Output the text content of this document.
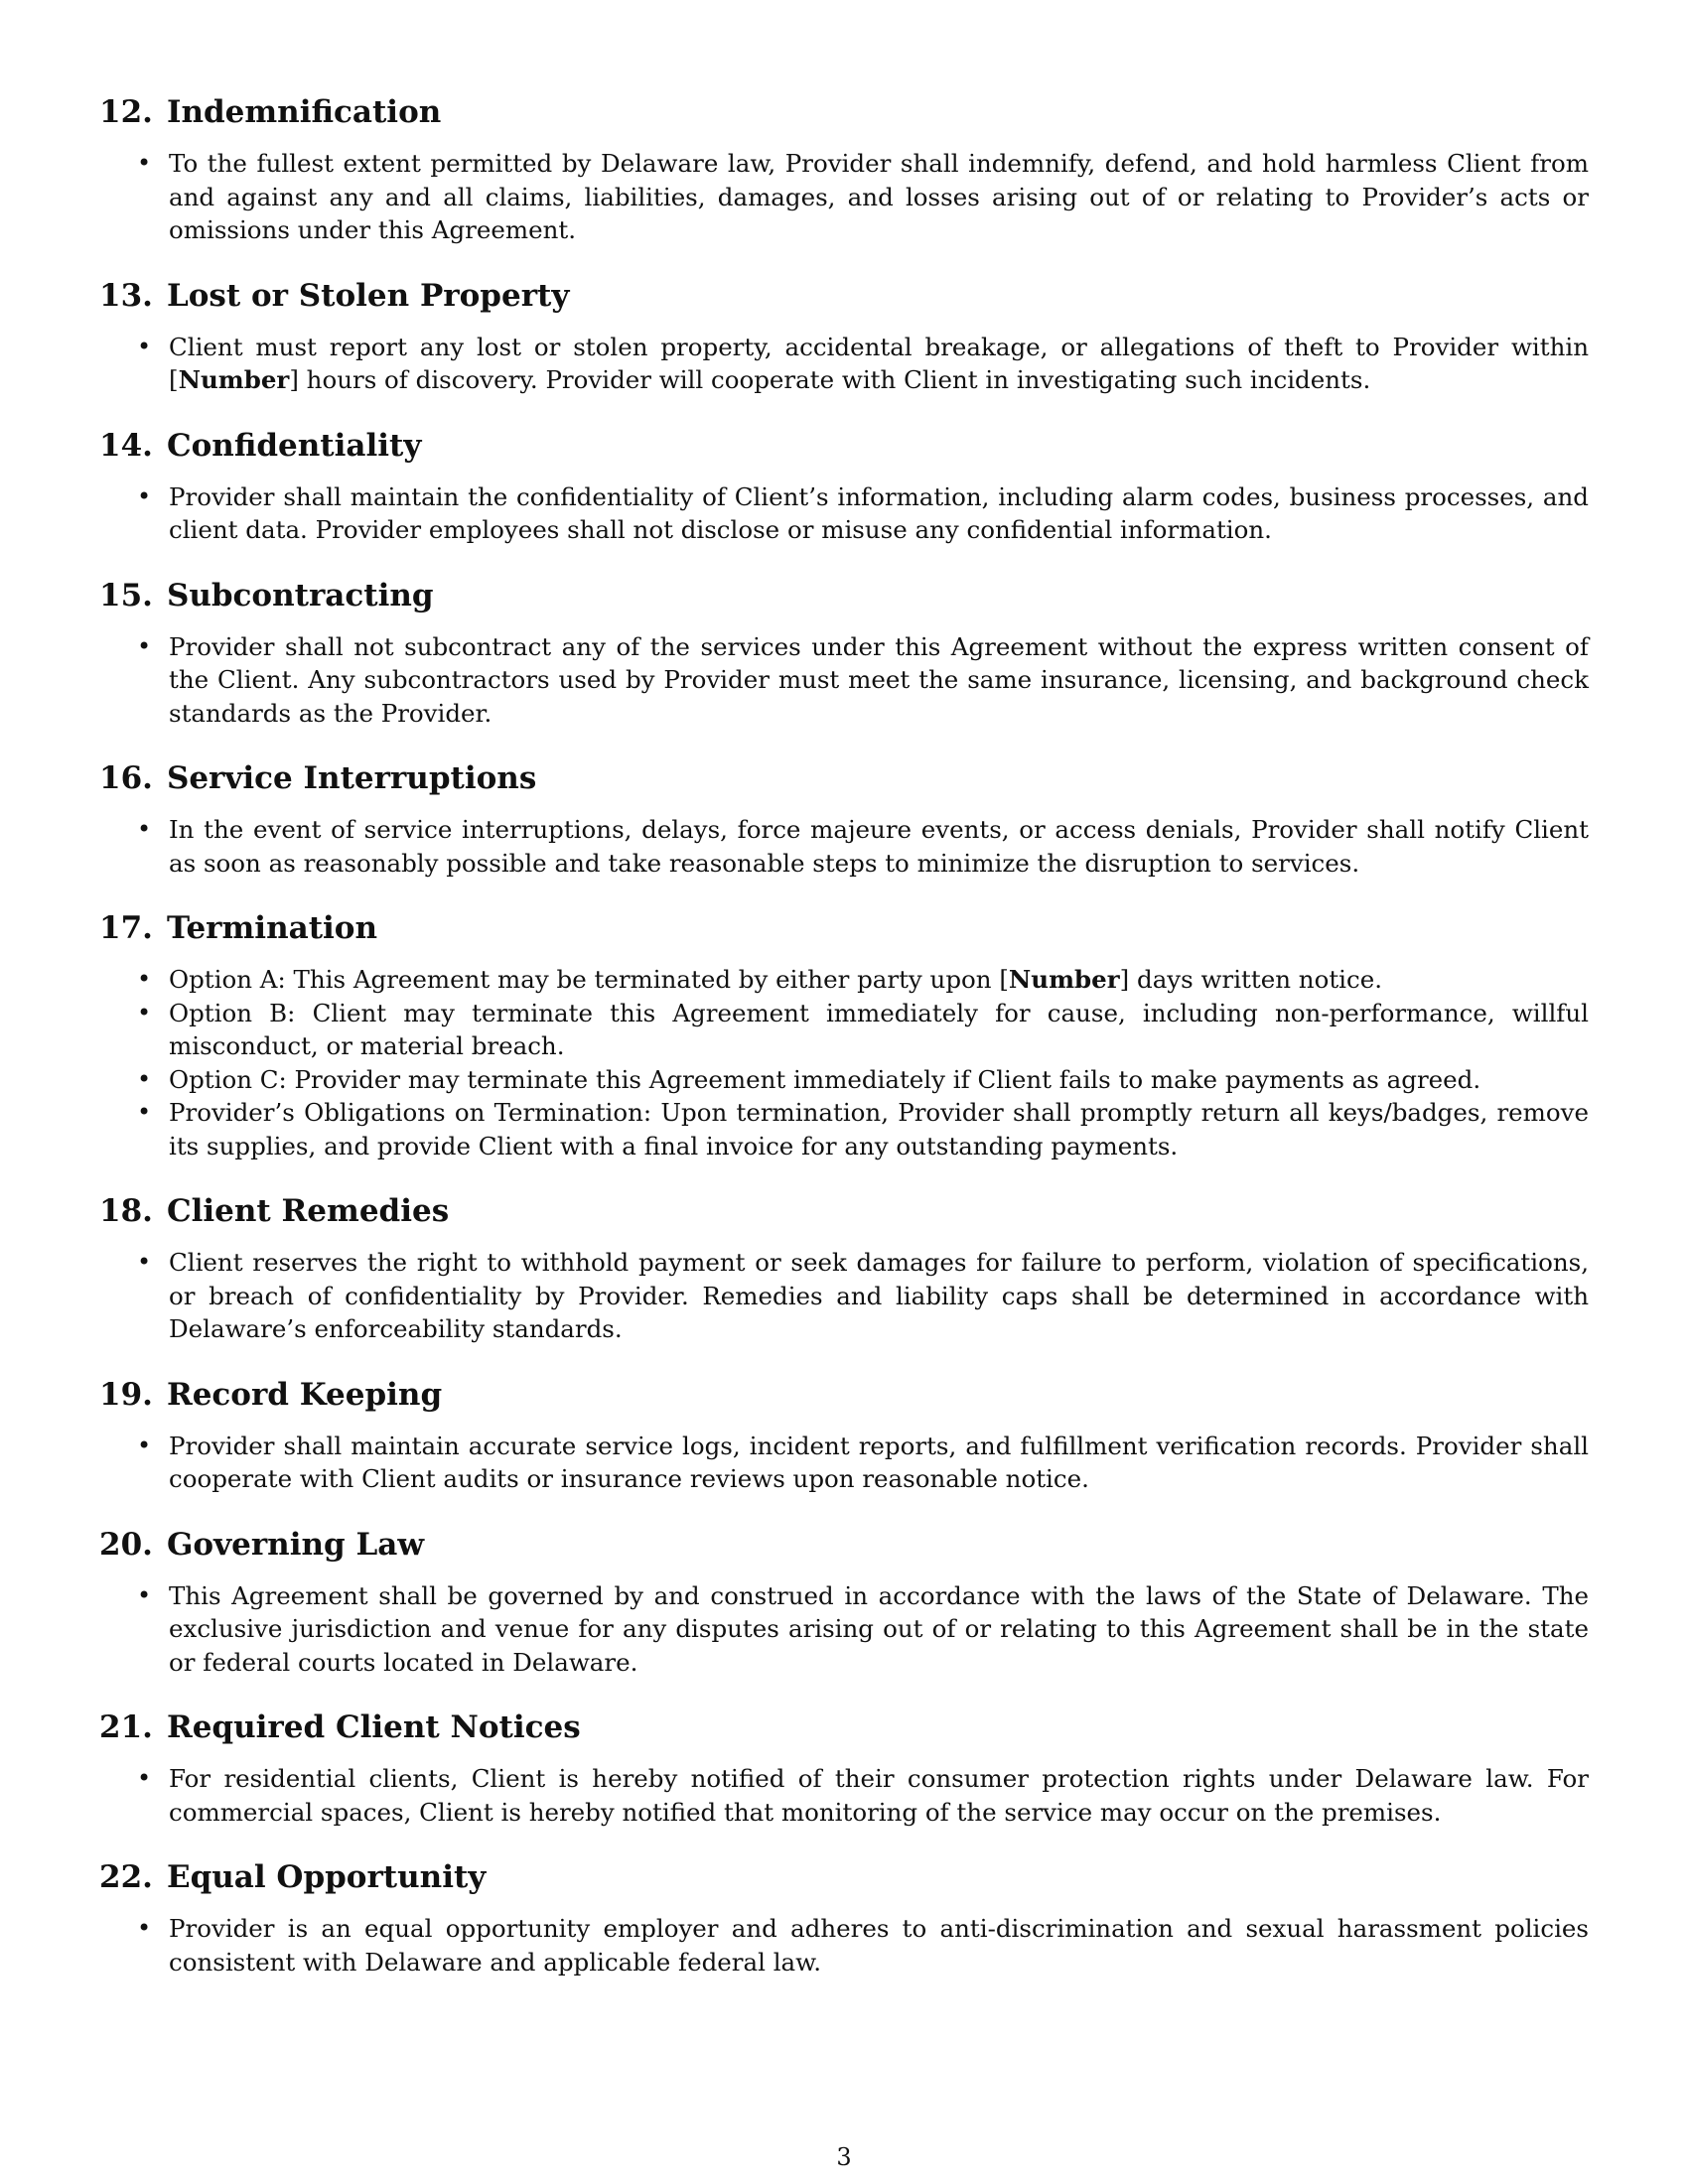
12. Indemnification
• To the fullest extent permitted by Delaware law, Provider shall indemnify, defend, and hold harmless Client from and against any and all claims, liabilities, damages, and losses arising out of or relating to Provider’s acts or omissions under this Agreement.
13. Lost or Stolen Property
• Client must report any lost or stolen property, accidental breakage, or allegations of theft to Provider within [Number] hours of discovery. Provider will cooperate with Client in investigating such incidents.
14. Confidentiality
• Provider shall maintain the confidentiality of Client’s information, including alarm codes, business processes, and client data. Provider employees shall not disclose or misuse any confidential information.
15. Subcontracting
• Provider shall not subcontract any of the services under this Agreement without the express written consent of the Client. Any subcontractors used by Provider must meet the same insurance, licensing, and background check standards as the Provider.
16. Service Interruptions
• In the event of service interruptions, delays, force majeure events, or access denials, Provider shall notify Client as soon as reasonably possible and take reasonable steps to minimize the disruption to services.
17. Termination
• Option A: This Agreement may be terminated by either party upon [Number] days written notice.
• Option B: Client may terminate this Agreement immediately for cause, including non-performance, willful misconduct, or material breach.
• Option C: Provider may terminate this Agreement immediately if Client fails to make payments as agreed.
• Provider’s Obligations on Termination: Upon termination, Provider shall promptly return all keys/badges, remove its supplies, and provide Client with a final invoice for any outstanding payments.
18. Client Remedies
• Client reserves the right to withhold payment or seek damages for failure to perform, violation of specifications, or breach of confidentiality by Provider. Remedies and liability caps shall be determined in accordance with Delaware’s enforceability standards.
19. Record Keeping
• Provider shall maintain accurate service logs, incident reports, and fulfillment verification records. Provider shall cooperate with Client audits or insurance reviews upon reasonable notice.
20. Governing Law
• This Agreement shall be governed by and construed in accordance with the laws of the State of Delaware. The exclusive jurisdiction and venue for any disputes arising out of or relating to this Agreement shall be in the state or federal courts located in Delaware.
21. Required Client Notices
• For residential clients, Client is hereby notified of their consumer protection rights under Delaware law. For commercial spaces, Client is hereby notified that monitoring of the service may occur on the premises.
22. Equal Opportunity
• Provider is an equal opportunity employer and adheres to anti-discrimination and sexual harassment policies consistent with Delaware and applicable federal law.
3
